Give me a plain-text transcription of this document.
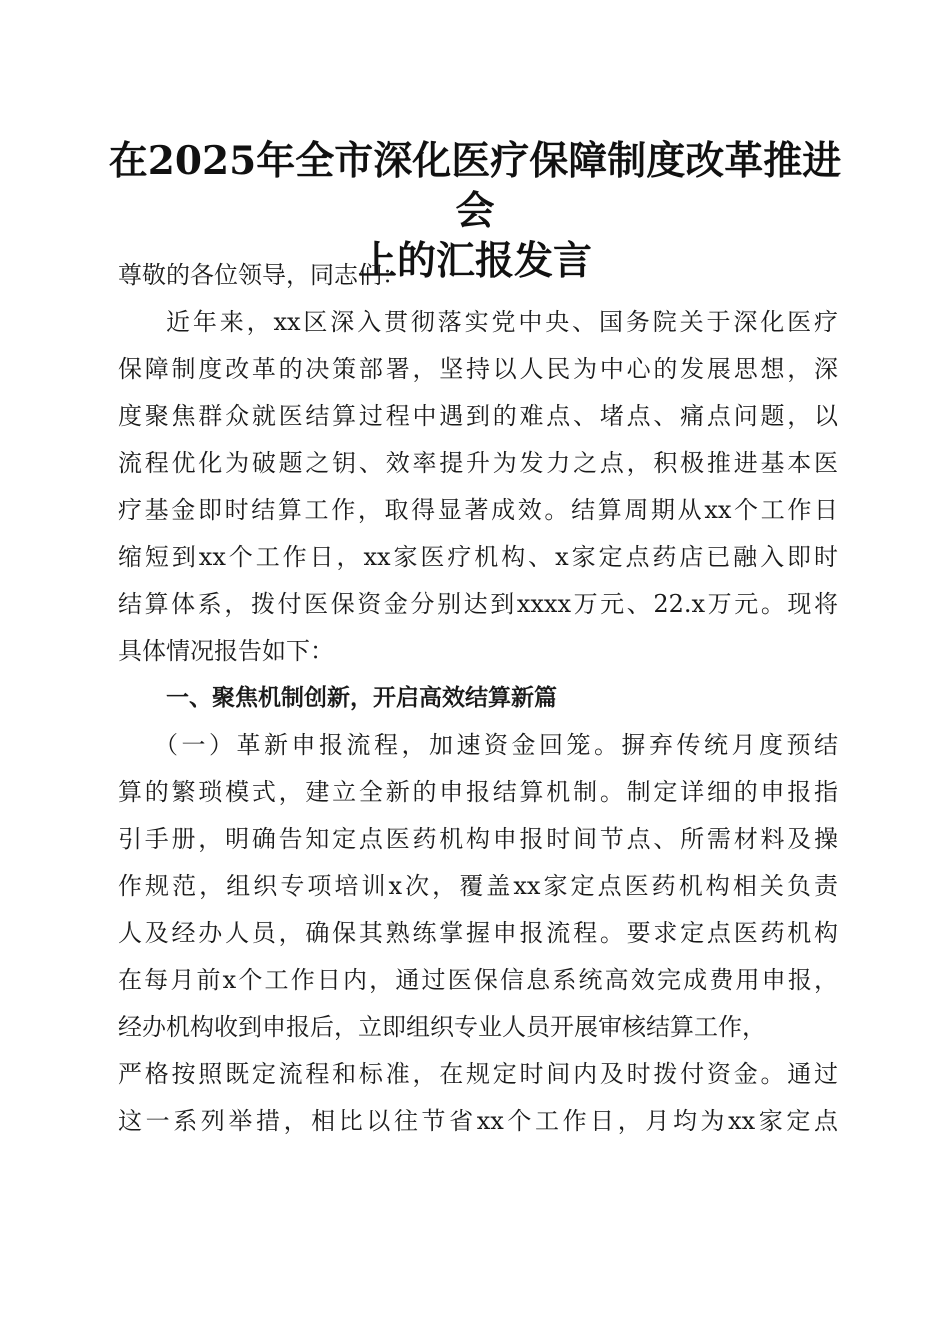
在2025年全市深化医疗保障制度改革推进会
上的汇报发言

尊敬的各位领导，同志们：

近年来，xx区深入贯彻落实党中央、国务院关于深化医疗
保障制度改革的决策部署，坚持以人民为中心的发展思想，深
度聚焦群众就医结算过程中遇到的难点、堵点、痛点问题，以
流程优化为破题之钥、效率提升为发力之点，积极推进基本医
疗基金即时结算工作，取得显著成效。结算周期从xx个工作日
缩短到xx个工作日，xx家医疗机构、x家定点药店已融入即时
结算体系，拨付医保资金分别达到xxxx万元、22.x万元。现将
具体情况报告如下：

一、聚焦机制创新，开启高效结算新篇

（一）革新申报流程，加速资金回笼。摒弃传统月度预结
算的繁琐模式，建立全新的申报结算机制。制定详细的申报指
引手册，明确告知定点医药机构申报时间节点、所需材料及操
作规范，组织专项培训x次，覆盖xx家定点医药机构相关负责
人及经办人员，确保其熟练掌握申报流程。要求定点医药机构
在每月前x个工作日内，通过医保信息系统高效完成费用申报，
经办机构收到申报后，立即组织专业人员开展审核结算工作，
严格按照既定流程和标准，在规定时间内及时拨付资金。通过
这一系列举措，相比以往节省xx个工作日，月均为xx家定点
